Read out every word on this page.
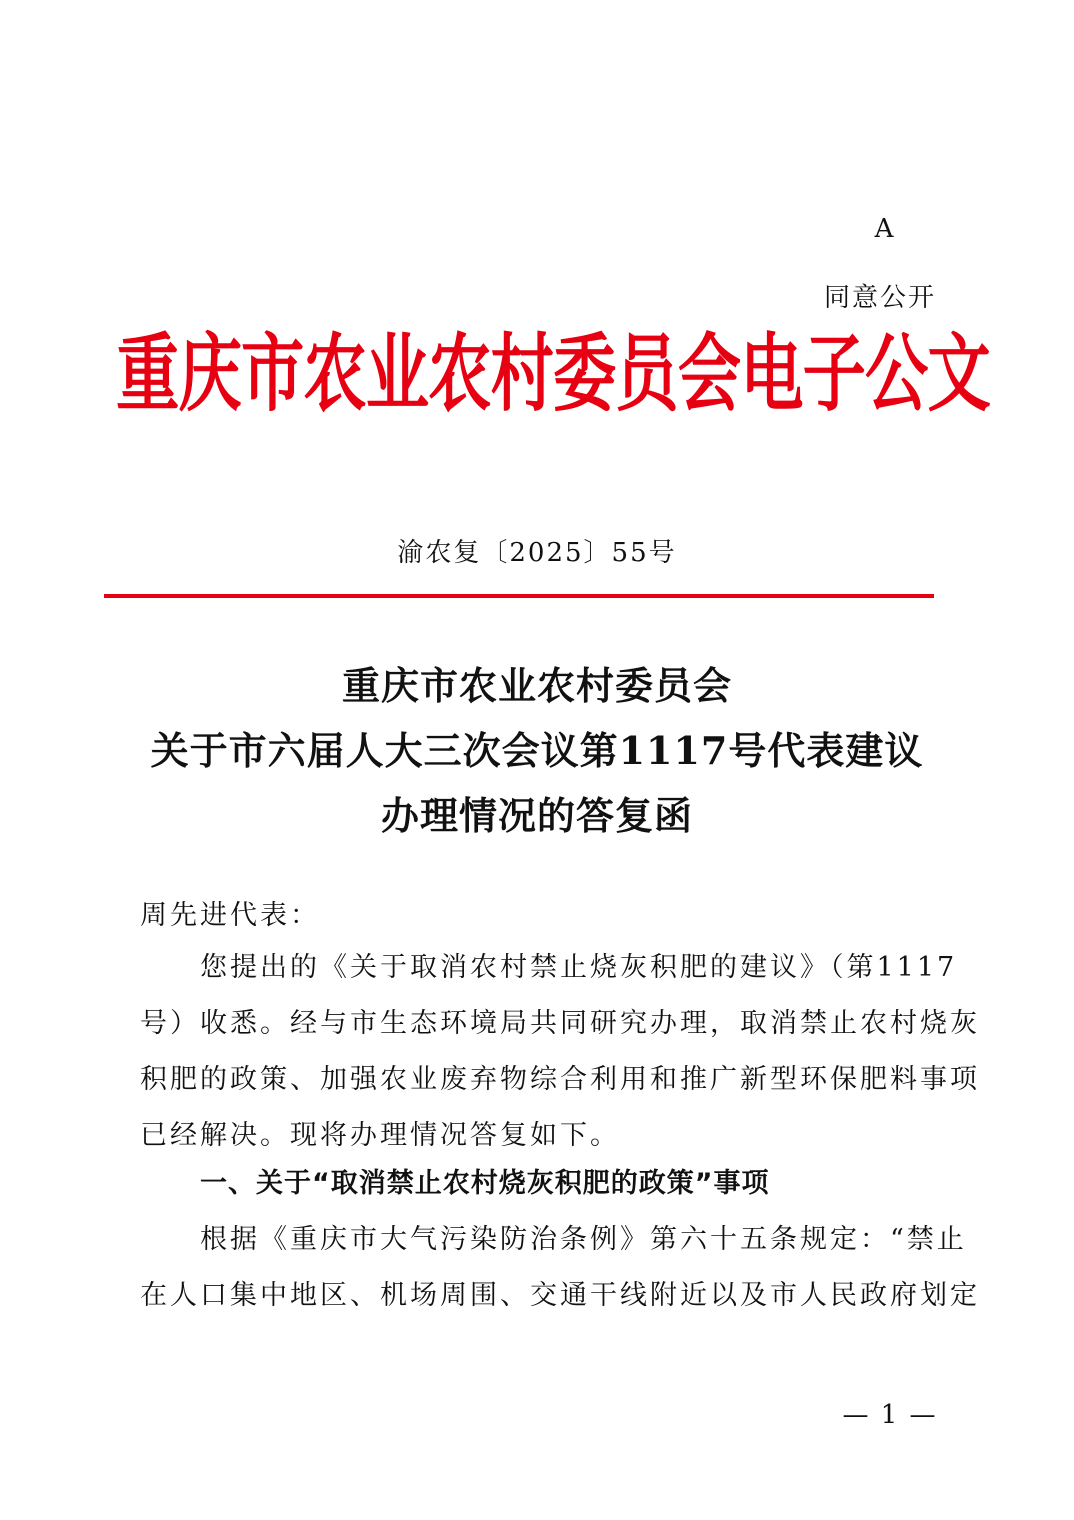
A
同意公开
重庆市农业农村委员会电子公文
渝农复〔2025〕55号
重庆市农业农村委员会
关于市六届人大三次会议第1117号代表建议
办理情况的答复函
周先进代表：
您提出的《关于取消农村禁止烧灰积肥的建议》（第1117
号）收悉。经与市生态环境局共同研究办理，取消禁止农村烧灰
积肥的政策、加强农业废弃物综合利用和推广新型环保肥料事项
已经解决。现将办理情况答复如下。
一、关于“取消禁止农村烧灰积肥的政策”事项
根据《重庆市大气污染防治条例》第六十五条规定：“禁止
在人口集中地区、机场周围、交通干线附近以及市人民政府划定
— 1 —
